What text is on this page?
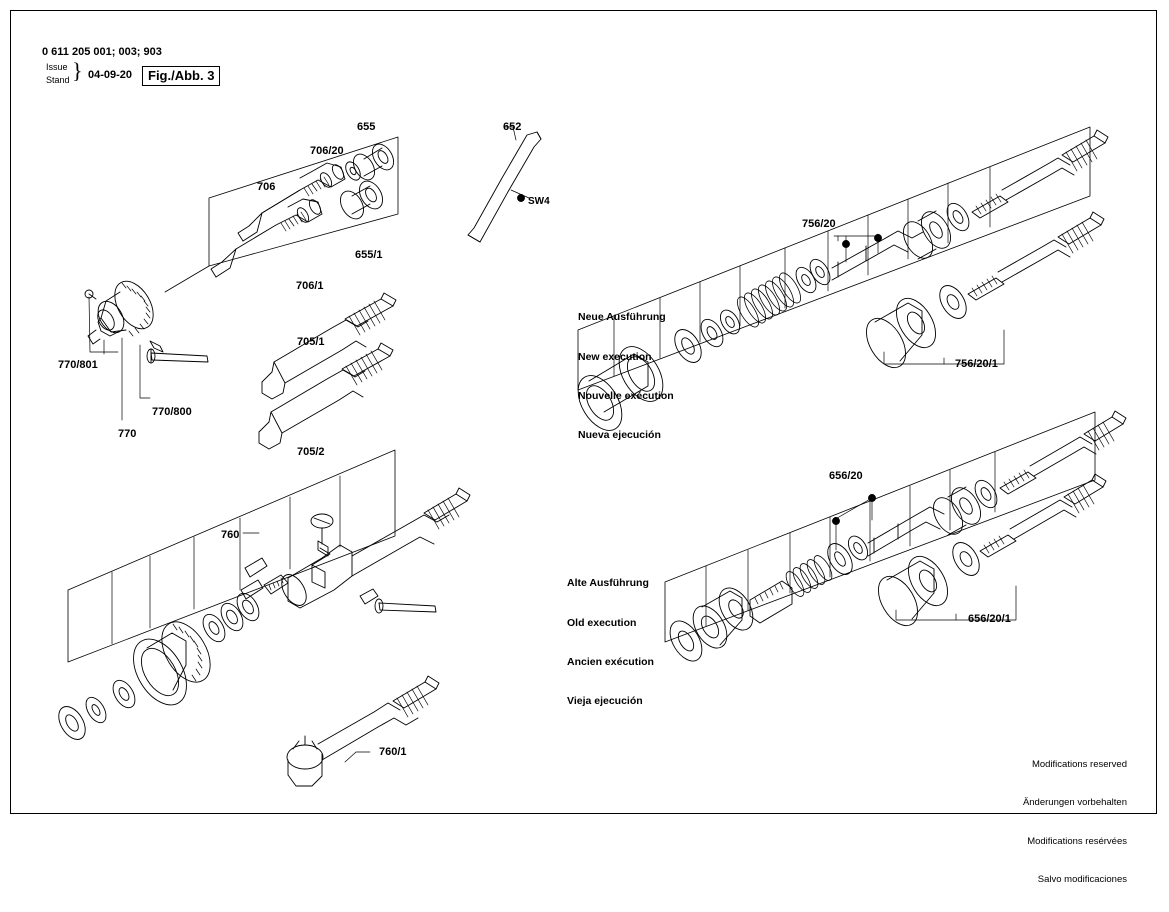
0 611 205 001; 003; 903
Issue
Stand 04-09-20	Fig./Abb. 3
}
655
706/20
706
655/1
706/1
652
SW4
770/801
770/800
770
705/1
705/2
760
760/1
756/20
756/20/1
656/20
656/20/1

Neue Ausführung

New execution

Nouvelle exécution

Nueva ejecución

Alte Ausführung

Old execution

Ancien exécution

Vieja ejecución

Modifications reserved

Änderungen vorbehalten

Modifications resérvées

Salvo modificaciones
